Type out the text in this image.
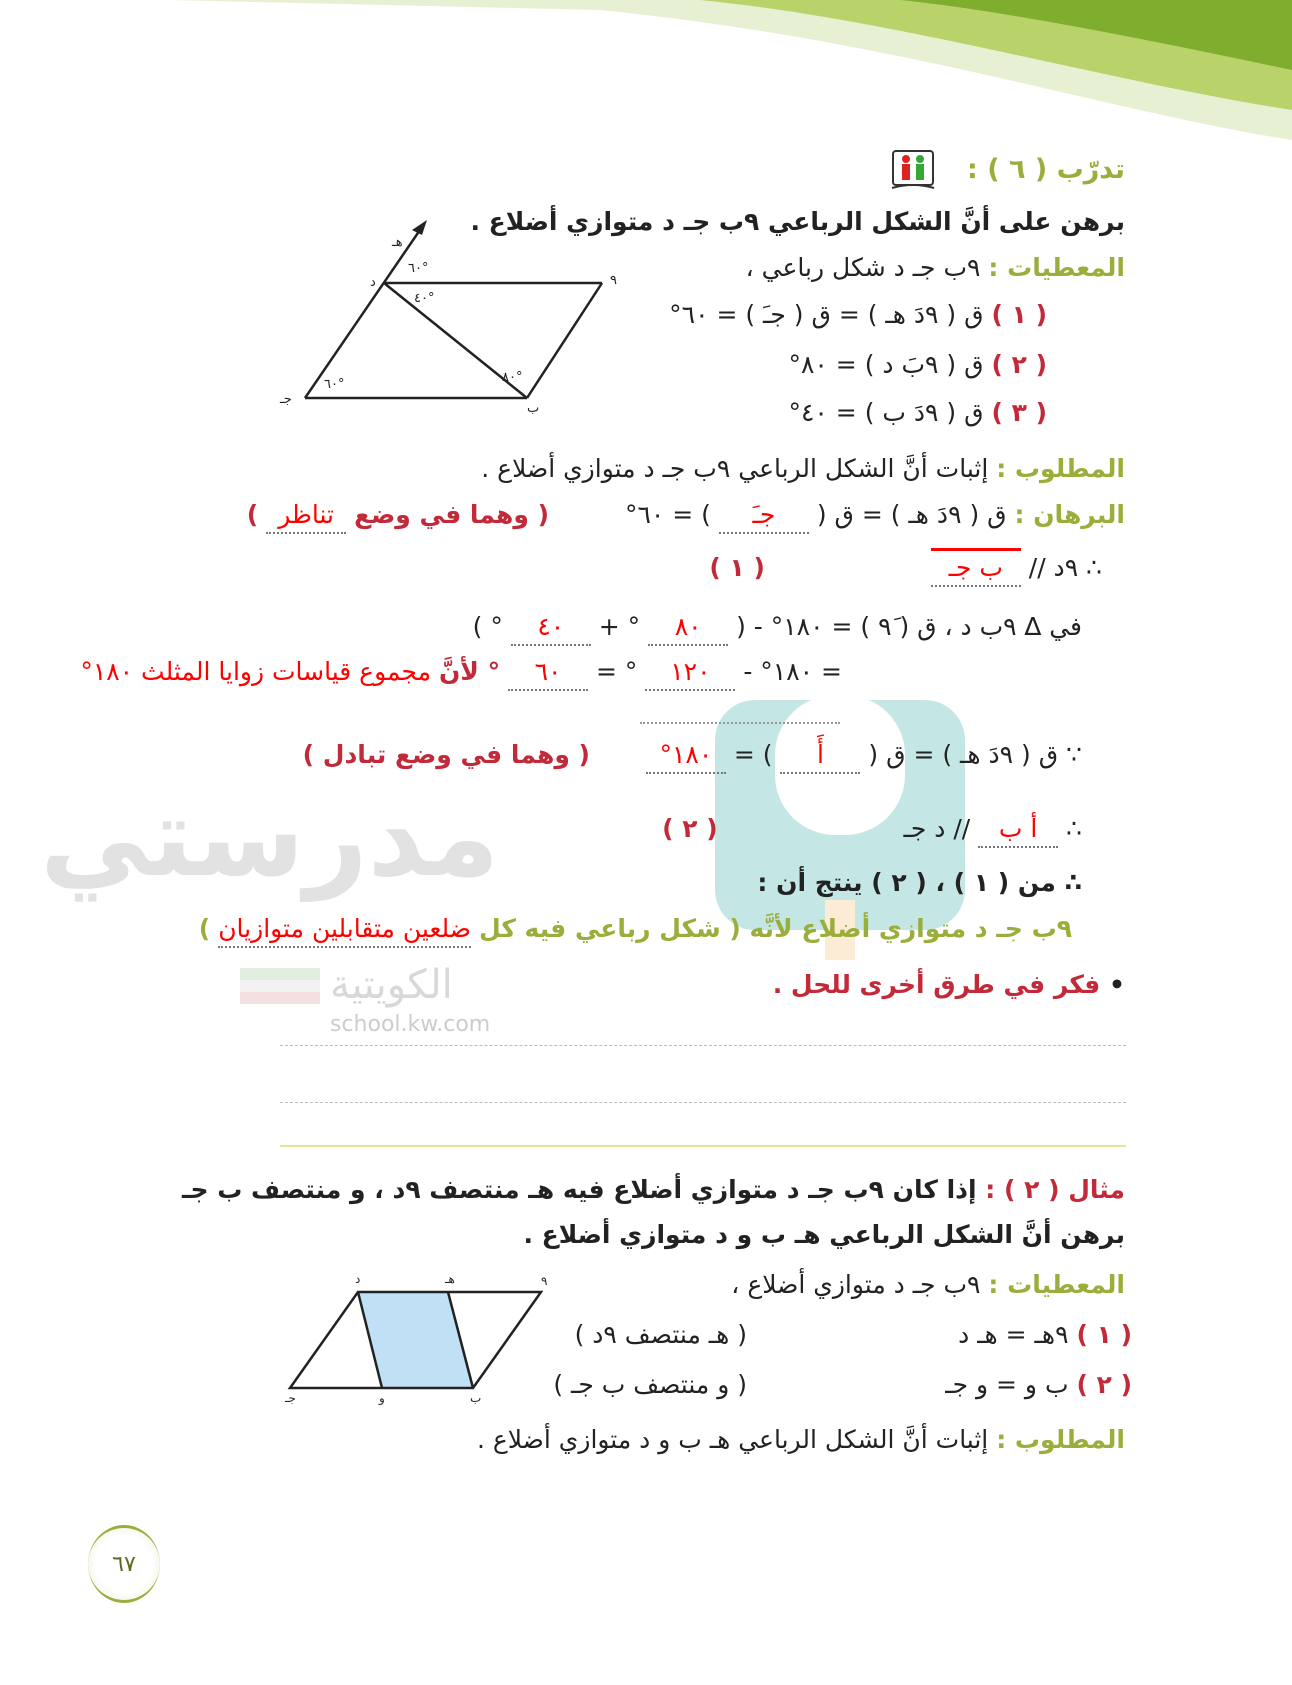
مدرستي
الكويتية
school.kw.com
تدرّب ( ٦ ) :
برهن على أنَّ الشكل الرباعي ٩ب جـ د متوازي أضلاع .
المعطيات : ٩ب جـ د شكل رباعي ،
( ١ ) ق ( ٩دَ هـ ) = ق ( جـَ ) = ٦٠°
( ٢ ) ق ( ٩بَ د ) = ٨٠°
( ٣ ) ق ( ٩دَ ب ) = ٤٠°
٩
ب
جـ
د
هـ
٦٠°
٤٠°
٨٠°
٦٠°
المطلوب : إثبات أنَّ الشكل الرباعي ٩ب جـ د متوازي أضلاع .
البرهان : ق ( ٩دَ هـ ) = ق ( جـَ ) = ٦٠°  ( وهما في وضع تناظر )
∴ ٩د // ب جـ  ( ١ )
في ∆ ٩ب د ، ق ( ٩َ ) = ١٨٠° - ( ٨٠ ° + ٤٠ ° )
= ١٨٠° - ١٢٠ ° = ٦٠ ° لأنَّ مجموع قياسات زوايا المثلث ١٨٠°
∵ ق ( ٩دَ هـ ) = ق ( أَ ) = ١٨٠°  ( وهما في وضع تبادل )
∴ أ ب // د جـ  ( ٢ )
∴ من ( ١ ) ، ( ٢ ) ينتج أن :
٩ب جـ د متوازي أضلاع لأنَّه ( شكل رباعي فيه كل ضلعين متقابلين متوازيان )
• فكر في طرق أخرى للحل .
مثال ( ٢ ) : إذا كان ٩ب جـ د متوازي أضلاع فيه هـ منتصف ٩د ، و منتصف ب جـ
برهن أنَّ الشكل الرباعي هـ ب و د متوازي أضلاع .
المعطيات : ٩ب جـ د متوازي أضلاع ،
( ١ ) ٩هـ = هـ د
( هـ منتصف ٩د )
( ٢ ) ب و = و جـ
( و منتصف ب جـ )
المطلوب : إثبات أنَّ الشكل الرباعي هـ ب و د متوازي أضلاع .
٩
هـ
د
ب
و
جـ
٦٧
